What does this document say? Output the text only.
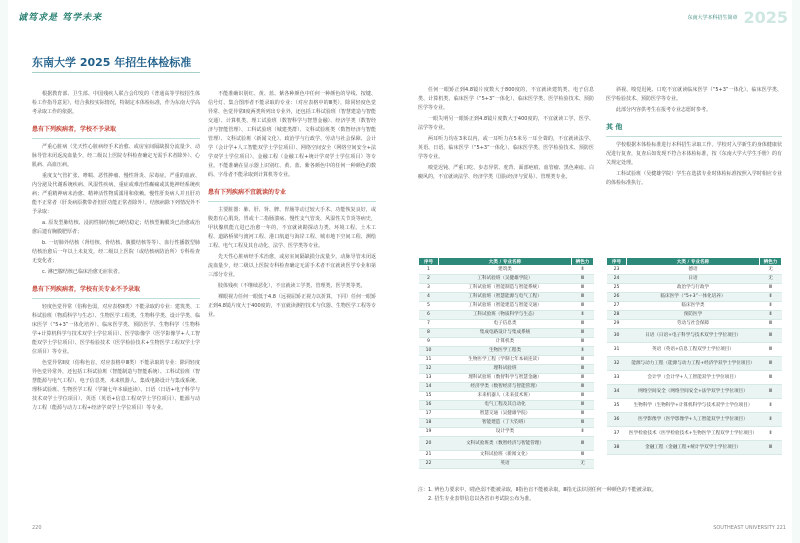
诚笃求是 笃学未来	东南大学本科招生简章 2025
东南大学 2025 年招生体检标准

根据教育部、卫生部、中国残疾人联合会印发的《普通高等学校招生体检工作指导意见》，结合我校实际情况，特制定本体检标准，作为东南大学高考录取工作的依据。

患有下列疾病者，学校不予录取

严重心脏病（先天性心脏病经手术治愈、或房室间隔缺损分流量少、动脉导管未闭返流血量少，经二级以上医院专科检查确定无需手术者除外）、心肌病、高血压病。

重度支气管扩张、哮喘、恶性肿瘤、慢性肾炎、尿毒症。严重的血液、内分泌及代谢系统疾病、风湿性疾病。重症或难治性癫痫或其他神经系统疾病；严重精神病未治愈、精神活性物质滥用和依赖。慢性肝炎病人并且肝功能不正常者（肝炎病原携带者但肝功能正常者除外）。结核病除下列情况外不予录取：

a. 原发型肺结核、浸润性肺结核已硬结稳定；结核型胸膜炎已治愈或治愈后遗有胸膜肥厚者；

b. 一切肺外结核（肾结核、骨结核、腹膜结核等等）、血行性播散型肺结核治愈后一年以上未复发，经二级以上医院（或结核病防治所）专科检查无变化者；

c. 淋巴腺结核已临床治愈无症状者。

患有下列疾病者，学校有关专业不予录取

轻度色觉异常（俗称色弱，对应表格Ⅱ类）不能录取的专业：建筑类、工科试验班（物质科学与生态）、生物医学工程类、生物科学类、设计学类、临床医学（“5+3”一体化培养）、临床医学类、预防医学、生物科学（生物科学+计算机科学与技术双学士学位项目）、医学影像学（医学影像学+人工智能双学士学位项目）、医学检验技术（医学检验技术+生物医学工程双学士学位项目）等专业。

色觉异常Ⅱ度（俗称色盲，对应表格中Ⅲ类）不能录取的专业：除同轻度异色觉异常外，还包括工科试验班（智能制造与智能系统）、工科试验班（智慧能源与电气工程）、电子信息类、未来机器人、集成电路设计与集成系统、理科试验班、生物医学工程（学制七年本硕连读）、日语（日语+电子科学与技术双学士学位项目）、英语（英语+信息工程双学士学位项目）、能源与动力工程（能源与动力工程+经济学双学士学位项目）等专业。

不能准确识别红、黄、蓝、紫各种颜色中任何一种颜色的导线、按键、信号灯、集合图形者不能录取的专业：（对应表格中的Ⅲ类），除同轻度色觉异常、色觉异常Ⅱ度两类所列出专业外，还包括工科试验班（智慧建造与智能交通）、计算机类、理工试验班（数智科学与智慧金融）、经济学类（数智经济与智能管理）、工科试验班（城建类群）、文科试验班类（数智经济与智能管理）、文科试验班（新闻文化）、政治学与行政学、劳动与社会保障、会计学（会计学+人工智能双学士学位项目）、网络空间安全（网络空间安全+法学双学士学位项目）、金融工程（金融工程+统计学双学士学位项目）等专业。不能准确在显示器上识别红、黄、蓝、紫各颜色中的任何一种颜色的数码、字母者不能录取到计算机等专业。

患有下列疾病不宜就读的专业

主要脏器：肺、肝、肾、脾、胃肠等动过较大手术、功能恢复良好，或腹患有心肌炎、胃或十二指肠溃疡、慢性支气管炎、风湿性关节炎等病史，甲状腺机能亢进已治愈一年的，不宜就读勘探动力类、环境工程、土木工程、道路桥梁与渡河工程、港口航道与海岸工程、城市地下空间工程、测绘工程、电气工程及其自动化、法学、医学类等专业。

先天性心脏病经手术治愈，或房室间隔缺损分流量少，动脉导管未闭返流血量少，经二级以上医院专科检查确定无需手术者不宜就读医学专业和第三部分专业。

肢体残疾（不继续恶化），不宜就读工学类、管理类、医学类等类。

裸眼视力任何一眼低于4.8（远视屈矫正视力以折算，下同）任何一眼矫正到4.8镜片度大于400度的，不宜就读测控技术与仪器、生物医学工程等专业。

任何一眼矫正到4.8镜片度数大于800度的，不宜就读建筑类、电子信息类、计算机类、临床医学（“5+3”一体化）、临床医学类、医学检验技术、预防医学等专业。

一眼失明另一眼矫正到4.8镜片度数大于400度的，不宜就读工学、医学、法学等专业。

两耳听力均在3米以内，或一耳听力在5米另一耳全聋的，不宜就读法学、英语、日语、临床医学（“5+3”一体化）、临床医学类、医学检验技术、预防医学等专业。

嗅觉迟钝、严重口吃、步态异常、驼背、面部疤痕、血管瘤、黑色素痣、白癜风的，不宜就读法学、经济学类（国际经济与贸易）、管理类专业。

斜视、嗅觉迟钝、口吃不宜就读临床医学（“5+3”一体化）、临床医学类、医学检验技术、预防医学等专业。

此部分内容供考生在报考专业志愿时参考。

其 他

学校根据本体检标准进行本科招生录取工作。学校对入学新生的身体健康状况进行复查，复查后如发现不符合本体检标准，按《东南大学大学生手册》的有关规定处理。

工科试验班（吴健雄学院）学生在选拔专业时体检标准按照入学时相应专业的体检标准执行。

序号	大类 / 专业名称	辨色力
1	建筑类	Ⅱ
2	工科试验班（吴健雄学院）	Ⅲ
3	工科试验班（智能制造与智能系统）	Ⅲ
4	工科试验班（智慧能源与电气工程）	Ⅲ
5	工科试验班（智能建造与智能交通）	Ⅲ
6	工科试验班（物质科学与生态）	Ⅱ
7	电子信息类	Ⅲ
8	集成电路设计与集成系统	Ⅲ
9	计算机类	Ⅲ
10	生物医学工程类	Ⅱ
11	生物医学工程（学制七年本硕连读）	Ⅲ
12	理科试验班	Ⅲ
13	理科试验班（数智科学与智慧金融）	Ⅲ
14	经济学类（数智经济与智能管理）	Ⅲ
15	未来机器人（未来技术班）	Ⅲ
16	电气工程及其自动化	Ⅲ
17	智慧交通（吴健雄学院）	Ⅲ
18	智能建造（丁大钧班）	Ⅲ
19	设计学类	Ⅱ
20	文科试验班类（数智经济与智能管理）	Ⅲ
21	文科试验班（新闻文化）	Ⅲ
22	英语	无
序号	大类 / 专业名称	辨色力
23	德语	无
24	日语	无
25	政治学与行政学	Ⅲ
26	临床医学（“5+3”一体化培养）	Ⅱ
27	临床医学类	Ⅱ
28	预防医学	Ⅱ
29	劳动与社会保障	Ⅲ
30	日语（日语+电子科学与技术双学士学位项目）	Ⅲ
31	英语（英语+信息工程双学士学位项目）	Ⅲ
32	能源与动力工程（能源与动力工程+经济学双学士学位项目）	Ⅲ
33	会计学（会计学+人工智能双学士学位项目）	Ⅲ
34	网络空间安全（网络空间安全+法学双学士学位项目）	Ⅲ
35	生物科学（生物科学+计算机科学与技术双学士学位项目）	Ⅱ
36	医学影像学（医学影像学+人工智能双学士学位项目）	Ⅱ
37	医学检验技术（医学检验技术+生物医学工程双学士学位项目）	Ⅱ
38	金融工程（金融工程+统计学双学士学位项目）	Ⅲ
注：1. 辨色力要求中，Ⅰ指色弱不能被录取，Ⅱ指色盲不能被录取，Ⅲ指无法识别任何一种颜色的不能被录取。
2. 招生专业表带信息以各省市考试院公布为准。
220	SOUTHEAST UNIVERSITY 221
